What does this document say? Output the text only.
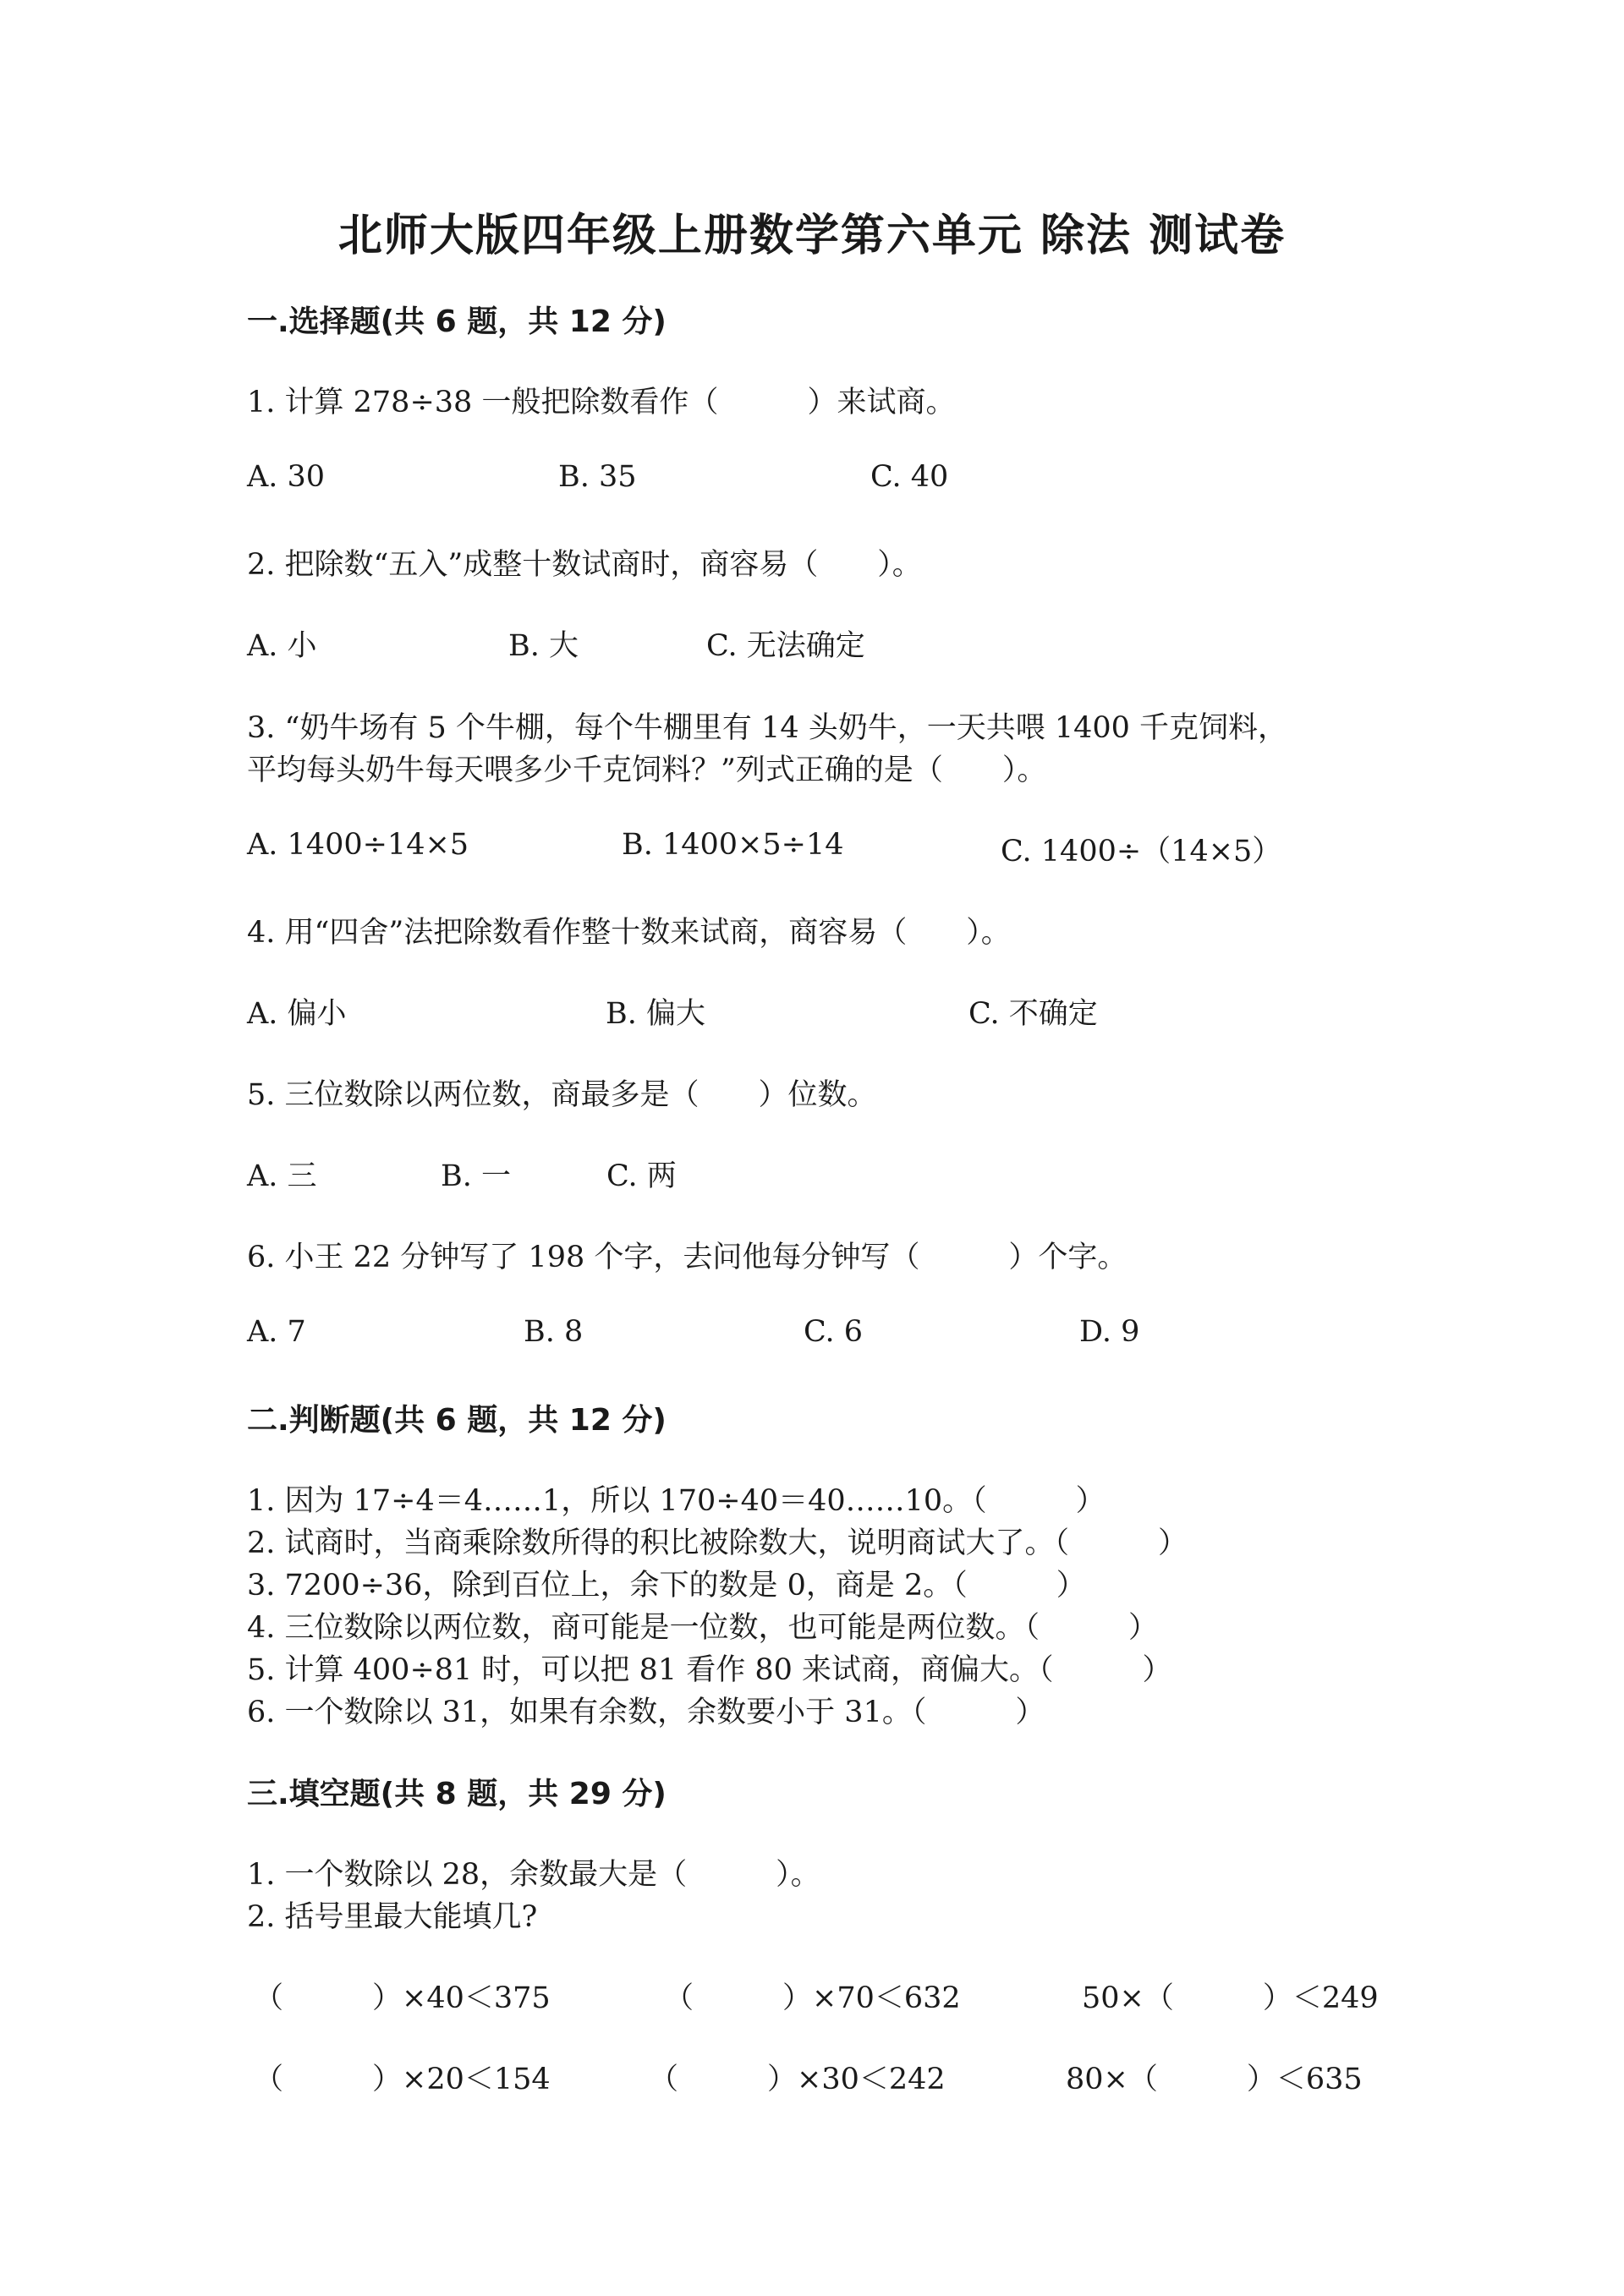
北师大版四年级上册数学第六单元 除法 测试卷
一.选择题(共 6 题，共 12 分)
1. 计算 278÷38 一般把除数看作（　　　）来试商。
A. 30	B. 35	C. 40
2. 把除数“五入”成整十数试商时，商容易（　　）。
A. 小	B. 大	C. 无法确定
3. “奶牛场有 5 个牛棚，每个牛棚里有 14 头奶牛，一天共喂 1400 千克饲料，
平均每头奶牛每天喂多少千克饲料？”列式正确的是（　　）。
A. 1400÷14×5	B. 1400×5÷14	C. 1400÷（14×5）
4. 用“四舍”法把除数看作整十数来试商，商容易（　　）。
A. 偏小	B. 偏大	C. 不确定
5. 三位数除以两位数，商最多是（　　）位数。
A. 三	B. 一	C. 两
6. 小王 22 分钟写了 198 个字，去问他每分钟写（　　　）个字。
A. 7	B. 8	C. 6	D. 9
二.判断题(共 6 题，共 12 分)
1. 因为 17÷4＝4……1，所以 170÷40＝40……10。（　　　）
2. 试商时，当商乘除数所得的积比被除数大，说明商试大了。（　　　）
3. 7200÷36，除到百位上，余下的数是 0，商是 2。（　　　）
4. 三位数除以两位数，商可能是一位数，也可能是两位数。（　　　）
5. 计算 400÷81 时，可以把 81 看作 80 来试商，商偏大。（　　　）
6. 一个数除以 31，如果有余数，余数要小于 31。（　　　）
三.填空题(共 8 题，共 29 分)
1. 一个数除以 28，余数最大是（　　　）。
2. 括号里最大能填几?
（　　　）×40＜375	（　　　）×70＜632	50×（　　　）＜249
（　　　）×20＜154	（　　　）×30＜242	80×（　　　）＜635
